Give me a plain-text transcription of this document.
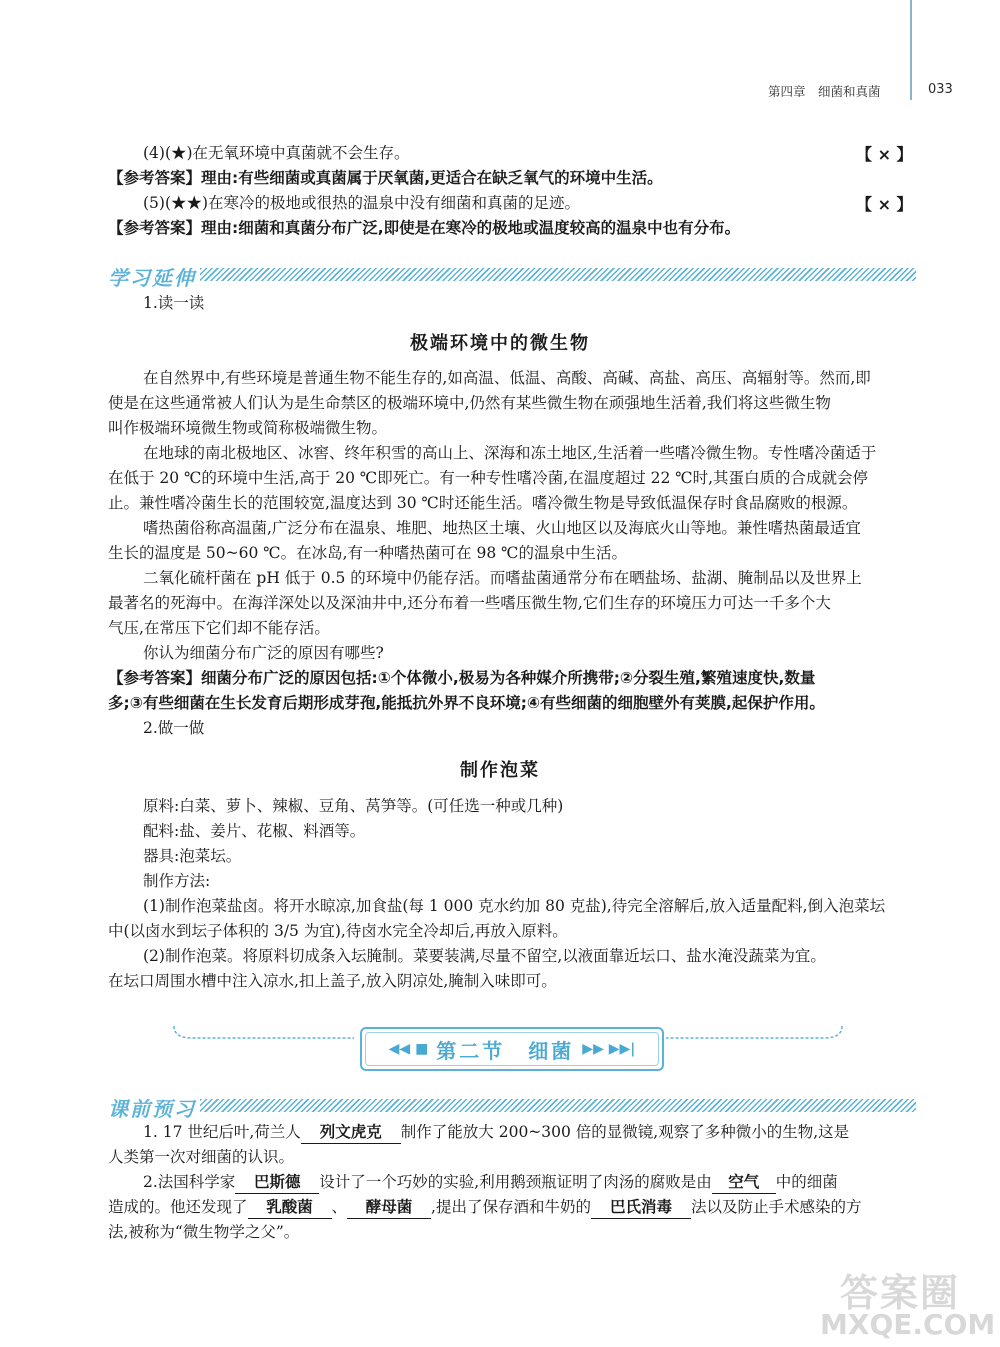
第四章　细菌和真菌	033
(4)(★)在无氧环境中真菌就不会生存。	【 × 】
【参考答案】理由:有些细菌或真菌属于厌氧菌,更适合在缺乏氧气的环境中生活。
(5)(★★)在寒冷的极地或很热的温泉中没有细菌和真菌的足迹。	【 × 】
【参考答案】理由:细菌和真菌分布广泛,即使是在寒冷的极地或温度较高的温泉中也有分布。
学习延伸
1.读一读
极端环境中的微生物
在自然界中,有些环境是普通生物不能生存的,如高温、低温、高酸、高碱、高盐、高压、高辐射等。然而,即
使是在这些通常被人们认为是生命禁区的极端环境中,仍然有某些微生物在顽强地生活着,我们将这些微生物
叫作极端环境微生物或简称极端微生物。
在地球的南北极地区、冰窖、终年积雪的高山上、深海和冻土地区,生活着一些嗜冷微生物。专性嗜冷菌适于
在低于 20 ℃的环境中生活,高于 20 ℃即死亡。有一种专性嗜冷菌,在温度超过 22 ℃时,其蛋白质的合成就会停
止。兼性嗜冷菌生长的范围较宽,温度达到 30 ℃时还能生活。嗜冷微生物是导致低温保存时食品腐败的根源。
嗜热菌俗称高温菌,广泛分布在温泉、堆肥、地热区土壤、火山地区以及海底火山等地。兼性嗜热菌最适宜
生长的温度是 50~60 ℃。在冰岛,有一种嗜热菌可在 98 ℃的温泉中生活。
二氧化硫杆菌在 pH 低于 0.5 的环境中仍能存活。而嗜盐菌通常分布在晒盐场、盐湖、腌制品以及世界上
最著名的死海中。在海洋深处以及深油井中,还分布着一些嗜压微生物,它们生存的环境压力可达一千多个大
气压,在常压下它们却不能存活。
你认为细菌分布广泛的原因有哪些?
【参考答案】细菌分布广泛的原因包括:①个体微小,极易为各种媒介所携带;②分裂生殖,繁殖速度快,数量
多;③有些细菌在生长发育后期形成芽孢,能抵抗外界不良环境;④有些细菌的细胞壁外有荚膜,起保护作用。
2.做一做
制作泡菜
原料:白菜、萝卜、辣椒、豆角、莴笋等。(可任选一种或几种)
配料:盐、姜片、花椒、料酒等。
器具:泡菜坛。
制作方法:
(1)制作泡菜盐卤。将开水晾凉,加食盐(每 1 000 克水约加 80 克盐),待完全溶解后,放入适量配料,倒入泡菜坛
中(以卤水到坛子体积的 3/5 为宜),待卤水完全冷却后,再放入原料。
(2)制作泡菜。将原料切成条入坛腌制。菜要装满,尽量不留空,以液面靠近坛口、盐水淹没蔬菜为宜。
在坛口周围水槽中注入凉水,扣上盖子,放入阴凉处,腌制入味即可。
◀◀ ■ 第二节　细菌 ▶▶ ▶▶|
课前预习
1. 17 世纪后叶,荷兰人 列文虎克 制作了能放大 200~300 倍的显微镜,观察了多种微小的生物,这是
人类第一次对细菌的认识。
2.法国科学家 巴斯德 设计了一个巧妙的实验,利用鹅颈瓶证明了肉汤的腐败是由 空气 中的细菌
造成的。他还发现了 乳酸菌 、 酵母菌 ,提出了保存酒和牛奶的 巴氏消毒 法以及防止手术感染的方
法,被称为“微生物学之父”。
答案圈
MXQE.COM
